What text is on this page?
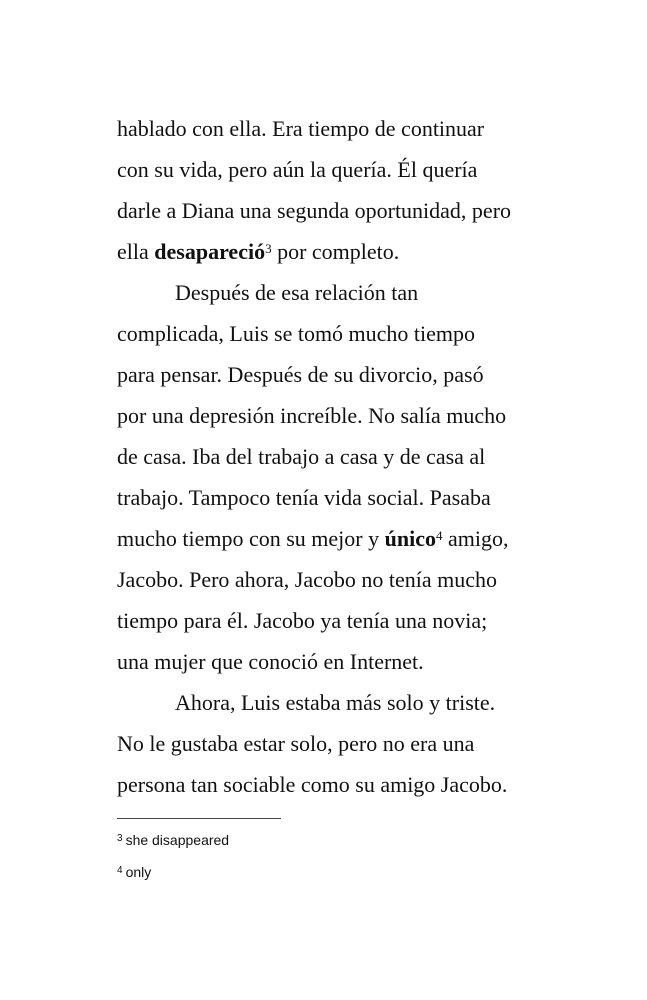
hablado con ella. Era tiempo de continuar
con su vida, pero aún la quería. Él quería
darle a Diana una segunda oportunidad, pero
ella desapareció$^3$ por completo.
Después de esa relación tan
complicada, Luis se tomó mucho tiempo
para pensar. Después de su divorcio, pasó
por una depresión increíble. No salía mucho
de casa. Iba del trabajo a casa y de casa al
trabajo. Tampoco tenía vida social. Pasaba
mucho tiempo con su mejor y único$^4$ amigo,
Jacobo. Pero ahora, Jacobo no tenía mucho
tiempo para él. Jacobo ya tenía una novia;
una mujer que conoció en Internet.
Ahora, Luis estaba más solo y triste.
No le gustaba estar solo, pero no era una
persona tan sociable como su amigo Jacobo.
$^3$ she disappeared
$^4$ only
